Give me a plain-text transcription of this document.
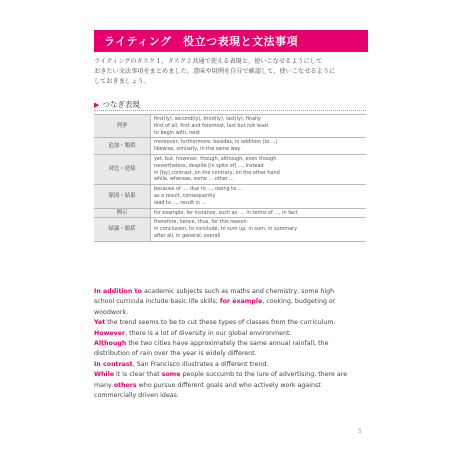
ライティング　役立つ表現と文法事項
ライティングのタスク１、タスク２共通で使える表現と、使いこなせるようにして
おきたい文法事項をまとめました。意味や用例を自分で確認して、使いこなせるように
しておきましょう。
▶ つなぎ表現
列挙	first(ly), second(ly), third(ly), last(ly), finally
first of all, first and foremost, last but not least
to begin with, next

追加・類似	moreover, furthermore, besides, in addition (to ...)
likewise, similarly, in the same way

対比・逆接	yet, but, however, though, although, even though
nevertheless, despite [in spite of] ..., instead
in [by] contrast, on the contrary, on the other hand
while, whereas, some ... other ...

原因・結果	because of ..., due to ..., owing to ...
as a result, consequently
lead to ..., result in ...

例示	for example, for instance, such as ..., in terms of ..., in fact

結論・総括	therefore, hence, thus, for this reason
in conclusion, to conclude, to sum up, in sum, in summary
after all, in general, overall
In addition to academic subjects such as maths and chemistry, some high
school curricula include basic life skills; for example, cooking, budgeting or
woodwork.
Yet the trend seems to be to cut these types of classes from the curriculum.
However, there is a lot of diversity in our global environment.
Although the two cities have approximately the same annual rainfall, the
distribution of rain over the year is widely different.
In contrast, San Francisco illustrates a different trend.
While it is clear that some people succumb to the lure of advertising, there are
many others who pursue different goals and who actively work against
commercially driven ideas.
5
